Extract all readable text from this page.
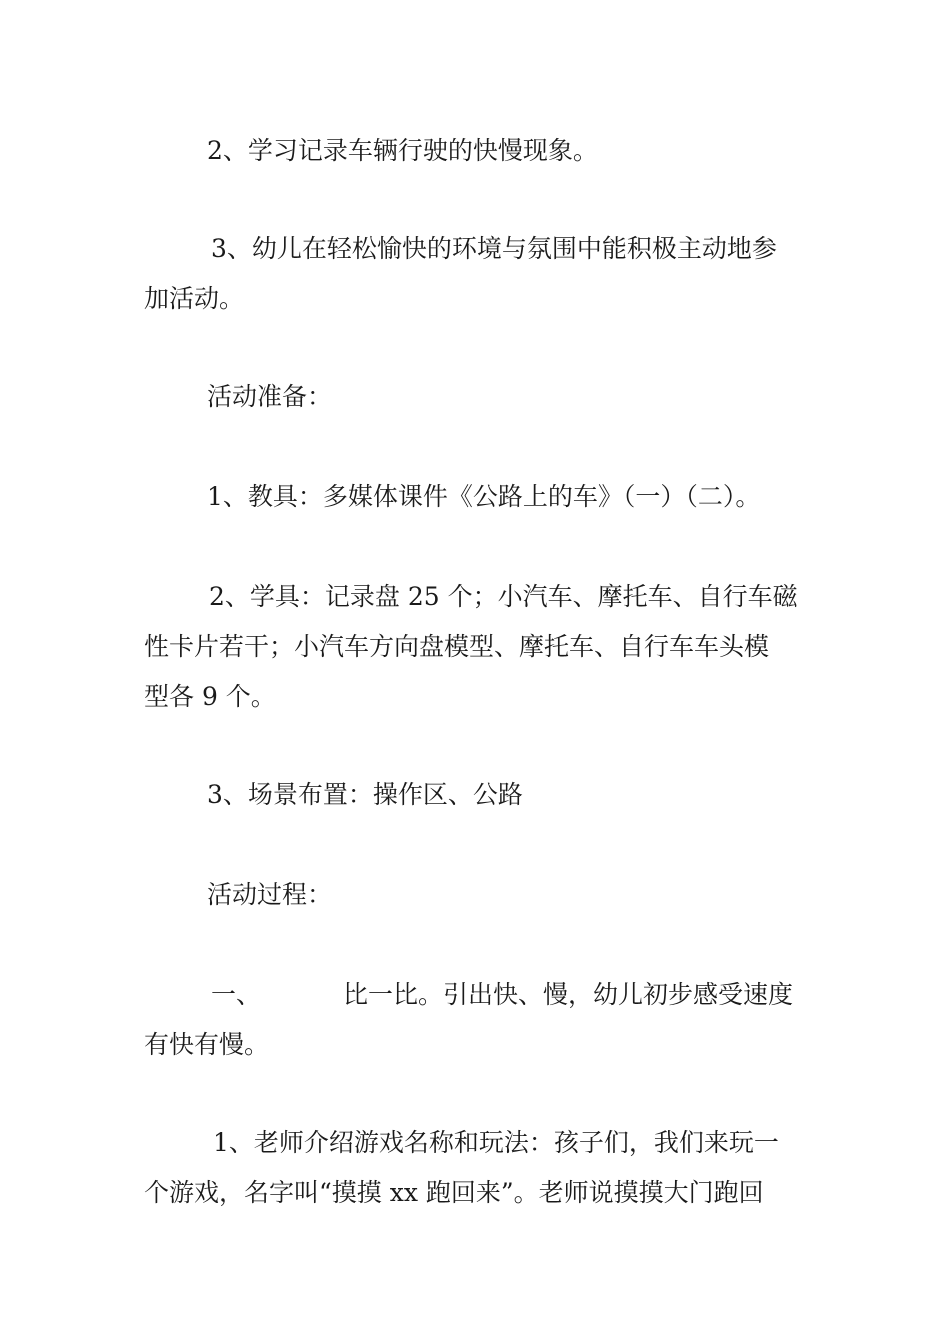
2、学习记录车辆行驶的快慢现象。

3、幼儿在轻松愉快的环境与氛围中能积极主动地参

加活动。

活动准备：

1、教具：多媒体课件《公路上的车》（一）（二）。

2、学具：记录盘 25 个；小汽车、摩托车、自行车磁

性卡片若干；小汽车方向盘模型、摩托车、自行车车头模

型各 9 个。

3、场景布置：操作区、公路

活动过程：

一、	比一比。引出快、慢，幼儿初步感受速度

有快有慢。

1、老师介绍游戏名称和玩法：孩子们，我们来玩一

个游戏，名字叫“摸摸 xx 跑回来”。老师说摸摸大门跑回
